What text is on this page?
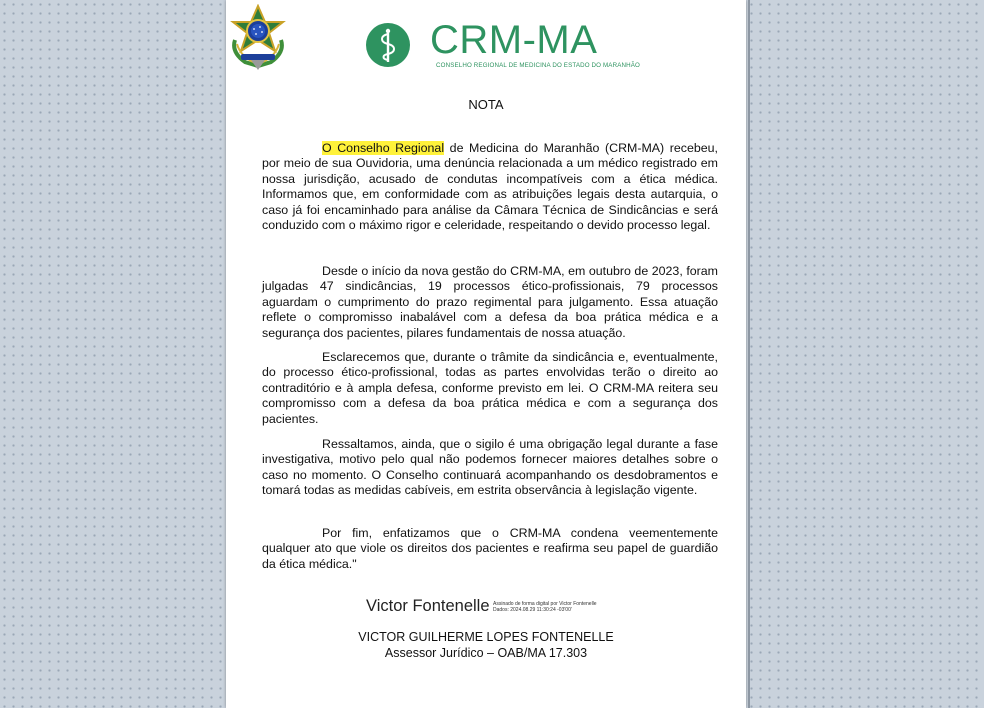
CRM-MA
CONSELHO REGIONAL DE MEDICINA DO ESTADO DO MARANHÃO
NOTA

O Conselho Regional de Medicina do Maranhão (CRM-MA) recebeu, por meio de sua Ouvidoria, uma denúncia relacionada a um médico registrado em nossa jurisdição, acusado de condutas incompatíveis com a ética médica. Informamos que, em conformidade com as atribuições legais desta autarquia, o caso já foi encaminhado para análise da Câmara Técnica de Sindicâncias e será conduzido com o máximo rigor e celeridade, respeitando o devido processo legal.

Desde o início da nova gestão do CRM-MA, em outubro de 2023, foram julgadas 47 sindicâncias, 19 processos ético-profissionais, 79 processos aguardam o cumprimento do prazo regimental para julgamento. Essa atuação reflete o compromisso inabalável com a defesa da boa prática médica e a segurança dos pacientes, pilares fundamentais de nossa atuação.

Esclarecemos que, durante o trâmite da sindicância e, eventualmente, do processo ético-profissional, todas as partes envolvidas terão o direito ao contraditório e à ampla defesa, conforme previsto em lei. O CRM-MA reitera seu compromisso com a defesa da boa prática médica e com a segurança dos pacientes.

Ressaltamos, ainda, que o sigilo é uma obrigação legal durante a fase investigativa, motivo pelo qual não podemos fornecer maiores detalhes sobre o caso no momento. O Conselho continuará acompanhando os desdobramentos e tomará todas as medidas cabíveis, em estrita observância à legislação vigente.

Por fim, enfatizamos que o CRM-MA condena veementemente qualquer ato que viole os direitos dos pacientes e reafirma seu papel de guardião da ética médica."

Victor Fontenelle Assinado de forma digital por Victor Fontenelle
Dados: 2024.08.29 11:30:24 -03'00'
VICTOR GUILHERME LOPES FONTENELLE
Assessor Jurídico – OAB/MA 17.303
